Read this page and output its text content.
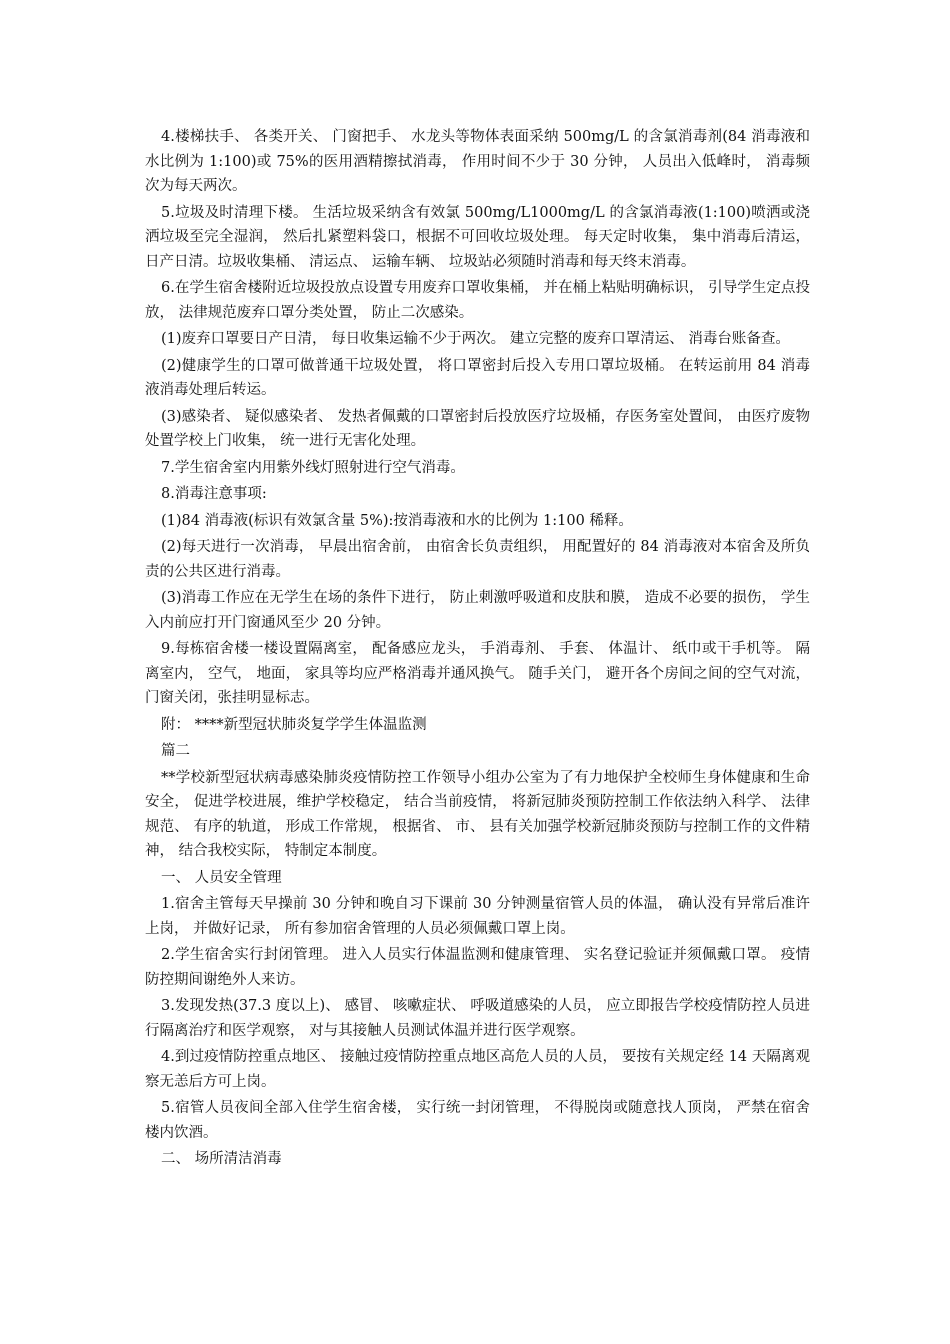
4.楼梯扶手、 各类开关、 门窗把手、 水龙头等物体表面采纳 500mg/L 的含氯消毒剂(84 消毒液和水比例为 1:100)或 75%的医用酒精擦拭消毒， 作用时间不少于 30 分钟， 人员出入低峰时， 消毒频次为每天两次。

5.垃圾及时清理下楼。 生活垃圾采纳含有效氯 500mg/L1000mg/L 的含氯消毒液(1:100)喷洒或浇洒垃圾至完全湿润， 然后扎紧塑料袋口，根据不可回收垃圾处理。 每天定时收集， 集中消毒后清运， 日产日清。垃圾收集桶、 清运点、 运输车辆、 垃圾站必须随时消毒和每天终末消毒。

6.在学生宿舍楼附近垃圾投放点设置专用废弃口罩收集桶， 并在桶上粘贴明确标识， 引导学生定点投放， 法律规范废弃口罩分类处置， 防止二次感染。

(1)废弃口罩要日产日清， 每日收集运输不少于两次。 建立完整的废弃口罩清运、 消毒台账备查。

(2)健康学生的口罩可做普通干垃圾处置， 将口罩密封后投入专用口罩垃圾桶。 在转运前用 84 消毒液消毒处理后转运。

(3)感染者、 疑似感染者、 发热者佩戴的口罩密封后投放医疗垃圾桶，存医务室处置间， 由医疗废物处置学校上门收集， 统一进行无害化处理。

7.学生宿舍室内用紫外线灯照射进行空气消毒。

8.消毒注意事项:

(1)84 消毒液(标识有效氯含量 5%):按消毒液和水的比例为 1:100 稀释。

(2)每天进行一次消毒， 早晨出宿舍前， 由宿舍长负责组织， 用配置好的 84 消毒液对本宿舍及所负责的公共区进行消毒。

(3)消毒工作应在无学生在场的条件下进行， 防止刺激呼吸道和皮肤和膜， 造成不必要的损伤， 学生入内前应打开门窗通风至少 20 分钟。

9.每栋宿舍楼一楼设置隔离室， 配备感应龙头， 手消毒剂、 手套、 体温计、 纸巾或干手机等。 隔离室内， 空气， 地面， 家具等均应严格消毒并通风换气。 随手关门， 避开各个房间之间的空气对流， 门窗关闭，张挂明显标志。

附： ****新型冠状肺炎复学学生体温监测

篇二

**学校新型冠状病毒感染肺炎疫情防控工作领导小组办公室为了有力地保护全校师生身体健康和生命安全， 促进学校进展，维护学校稳定， 结合当前疫情， 将新冠肺炎预防控制工作依法纳入科学、 法律规范、 有序的轨道， 形成工作常规， 根据省、 市、 县有关加强学校新冠肺炎预防与控制工作的文件精神， 结合我校实际， 特制定本制度。

一、 人员安全管理

1.宿舍主管每天早操前 30 分钟和晚自习下课前 30 分钟测量宿管人员的体温， 确认没有异常后准许上岗， 并做好记录， 所有参加宿舍管理的人员必须佩戴口罩上岗。

2.学生宿舍实行封闭管理。 进入人员实行体温监测和健康管理、 实名登记验证并须佩戴口罩。 疫情防控期间谢绝外人来访。

3.发现发热(37.3 度以上)、 感冒、 咳嗽症状、 呼吸道感染的人员， 应立即报告学校疫情防控人员进行隔离治疗和医学观察， 对与其接触人员测试体温并进行医学观察。

4.到过疫情防控重点地区、 接触过疫情防控重点地区高危人员的人员， 要按有关规定经 14 天隔离观察无恙后方可上岗。

5.宿管人员夜间全部入住学生宿舍楼， 实行统一封闭管理， 不得脱岗或随意找人顶岗， 严禁在宿舍楼内饮酒。

二、 场所清洁消毒
